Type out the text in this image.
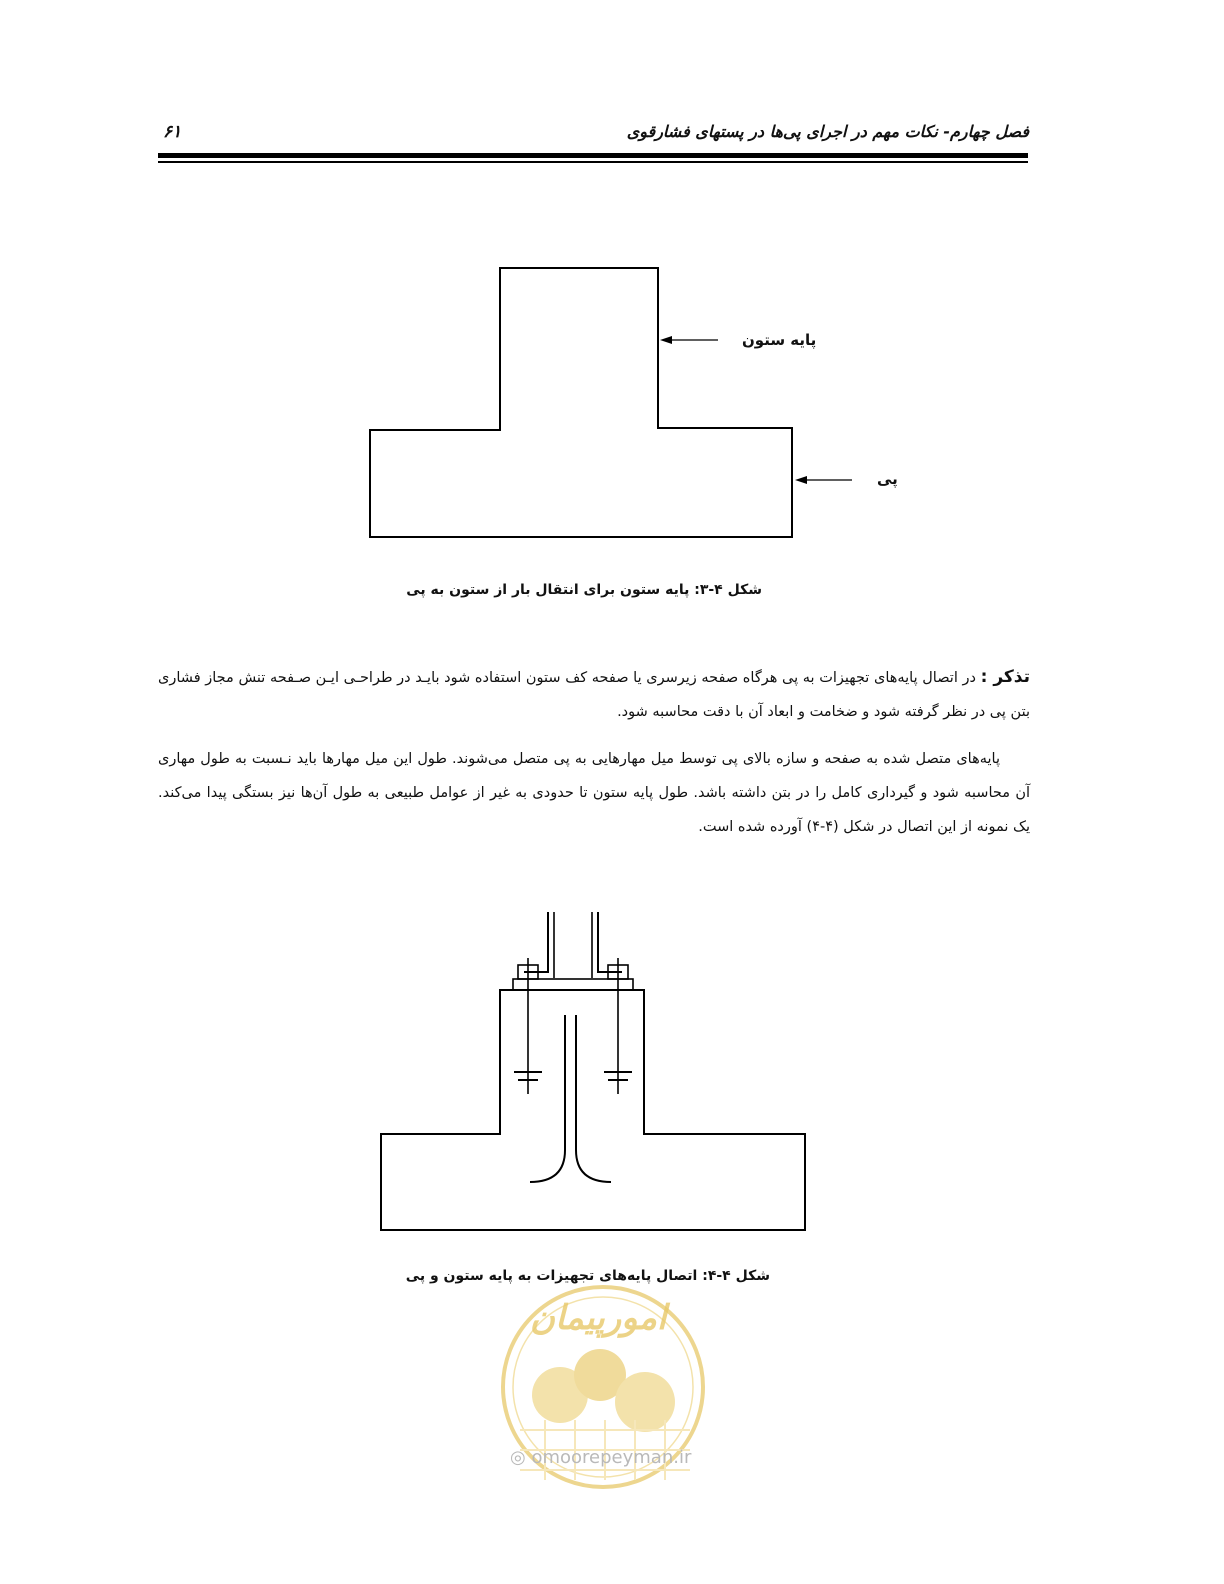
فصل چهارم- نکات مهم در اجرای پی‌ها در پستهای فشارقوی
۶۱
پایه ستون
پی
شکل ۴-۳: پایه ستون برای انتقال بار از ستون به پی
تذکر : در اتصال پایه‌های تجهیزات به پی هرگاه صفحه زیرسری یا صفحه کف ستون استفاده شود بایـد در طراحـی ایـن صـفحه تنش مجاز فشاری بتن پی در نظر گرفته شود و ضخامت و ابعاد آن با دقت محاسبه شود.
پایه‌های متصل شده به صفحه و سازه بالای پی توسط میل مهارهایی به پی متصل می‌شوند. طول این میل مهارها باید نـسبت به طول مهاری آن محاسبه شود و گیرداری کامل را در بتن داشته باشد. طول پایه ستون تا حدودی به غیر از عوامل طبیعی به طول آن‌ها نیز بستگی پیدا می‌کند. یک نمونه از این اتصال در شکل (۴-۴) آورده شده است.
شکل ۴-۴: اتصال پایه‌های تجهیزات به پایه ستون و پی
امورپیمان
◎ omoorepeyman.ir
